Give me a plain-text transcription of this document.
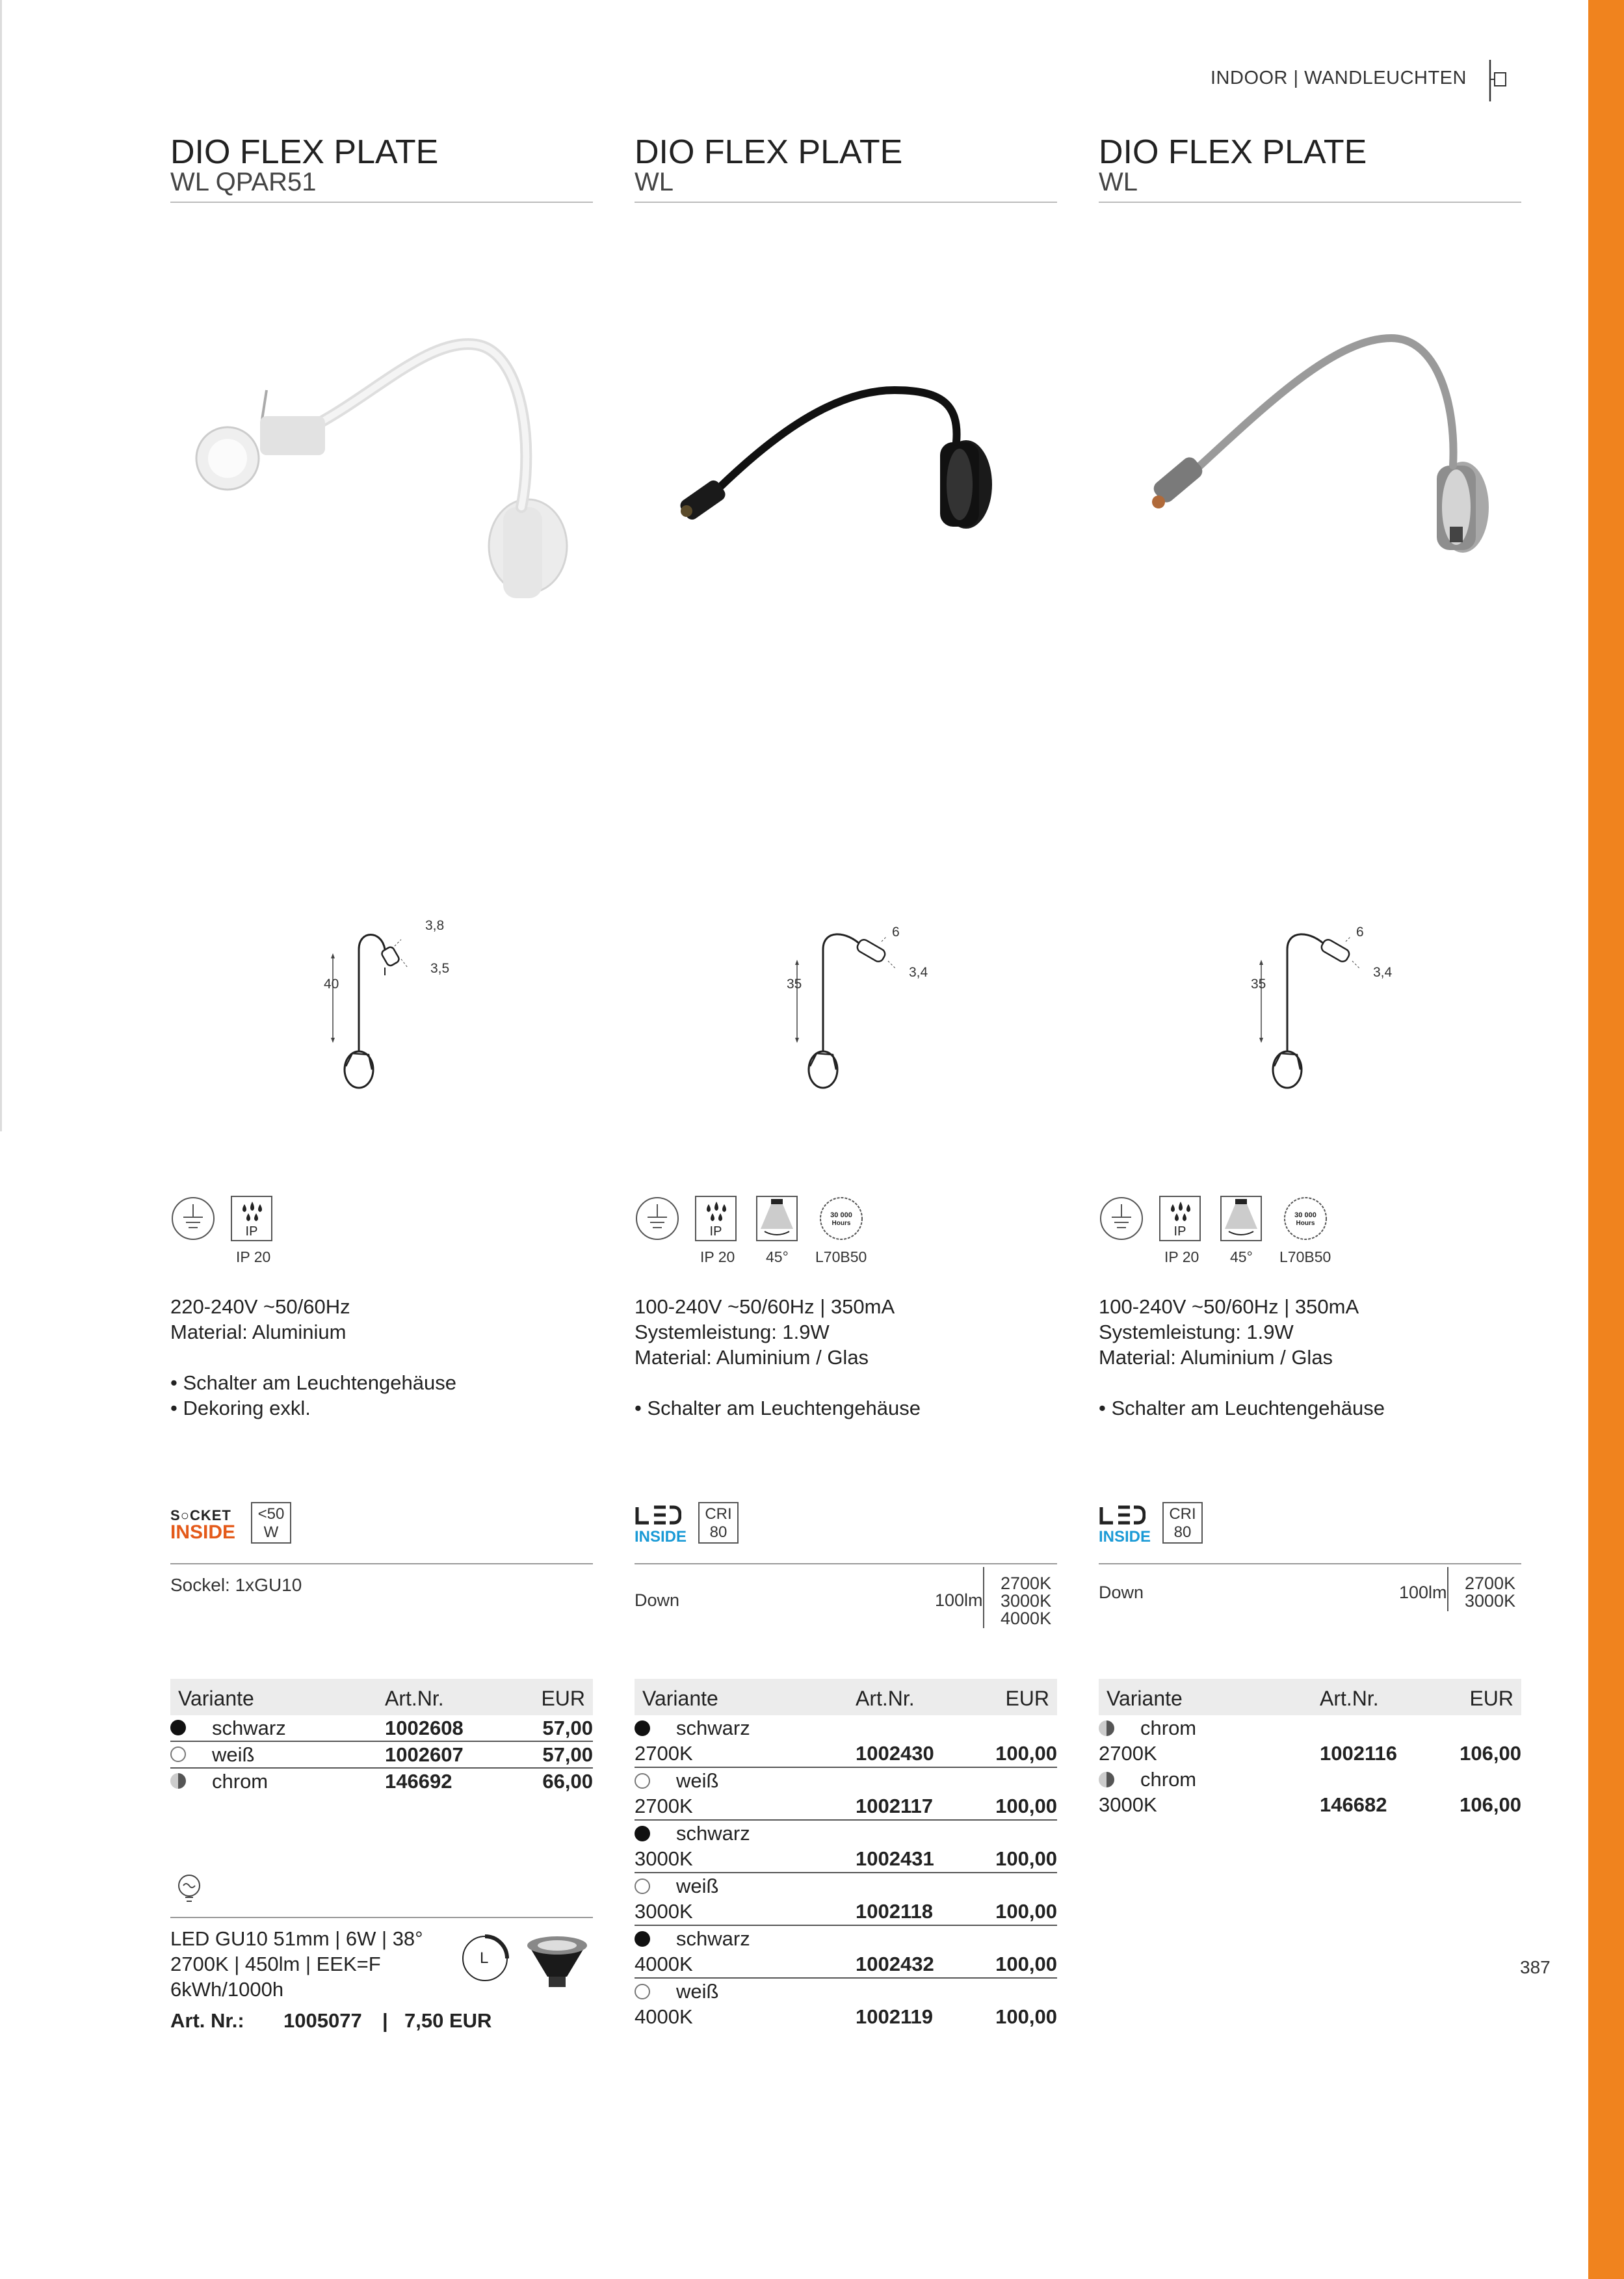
INDOOR | WANDLEUCHTEN
DIO FLEX PLATE
WL QPAR51
40
3,8
3,5
IP
IP 20
220-240V ~50/60Hz
Material: Aluminium
• Schalter am Leuchtengehäuse
• Dekoring exkl.
S○CKET
INSIDE
<50
W
Sockel: 1xGU10
Variante	Art.Nr.	EUR
schwarz	1002608	57,00
weiß	1002607	57,00
chrom	146692	66,00
LED GU10 51mm | 6W | 38°
2700K | 450lm | EEK=F
6kWh/1000h
L
Art. Nr.: 1005077 | 7,50 EUR
DIO FLEX PLATE
WL
35
6
3,4
IP
30 000
Hours
IP 20 45° L70B50
100-240V ~50/60Hz | 350mA
Systemleistung: 1.9W
Material: Aluminium / Glas
• Schalter am Leuchtengehäuse
INSIDE
CRI
80
Down	100lm
2700K
3000K
4000K
Variante	Art.Nr.	EUR
schwarz
2700K	1002430	100,00
weiß
2700K	1002117	100,00
schwarz
3000K	1002431	100,00
weiß
3000K	1002118	100,00
schwarz
4000K	1002432	100,00
weiß
4000K	1002119	100,00
DIO FLEX PLATE
WL
35
6
3,4
IP
30 000
Hours
IP 20 45° L70B50
100-240V ~50/60Hz | 350mA
Systemleistung: 1.9W
Material: Aluminium / Glas
• Schalter am Leuchtengehäuse
INSIDE
CRI
80
Down	100lm 2700K
3000K
Variante	Art.Nr.	EUR
chrom
2700K	1002116	106,00
chrom
3000K	146682	106,00
387
